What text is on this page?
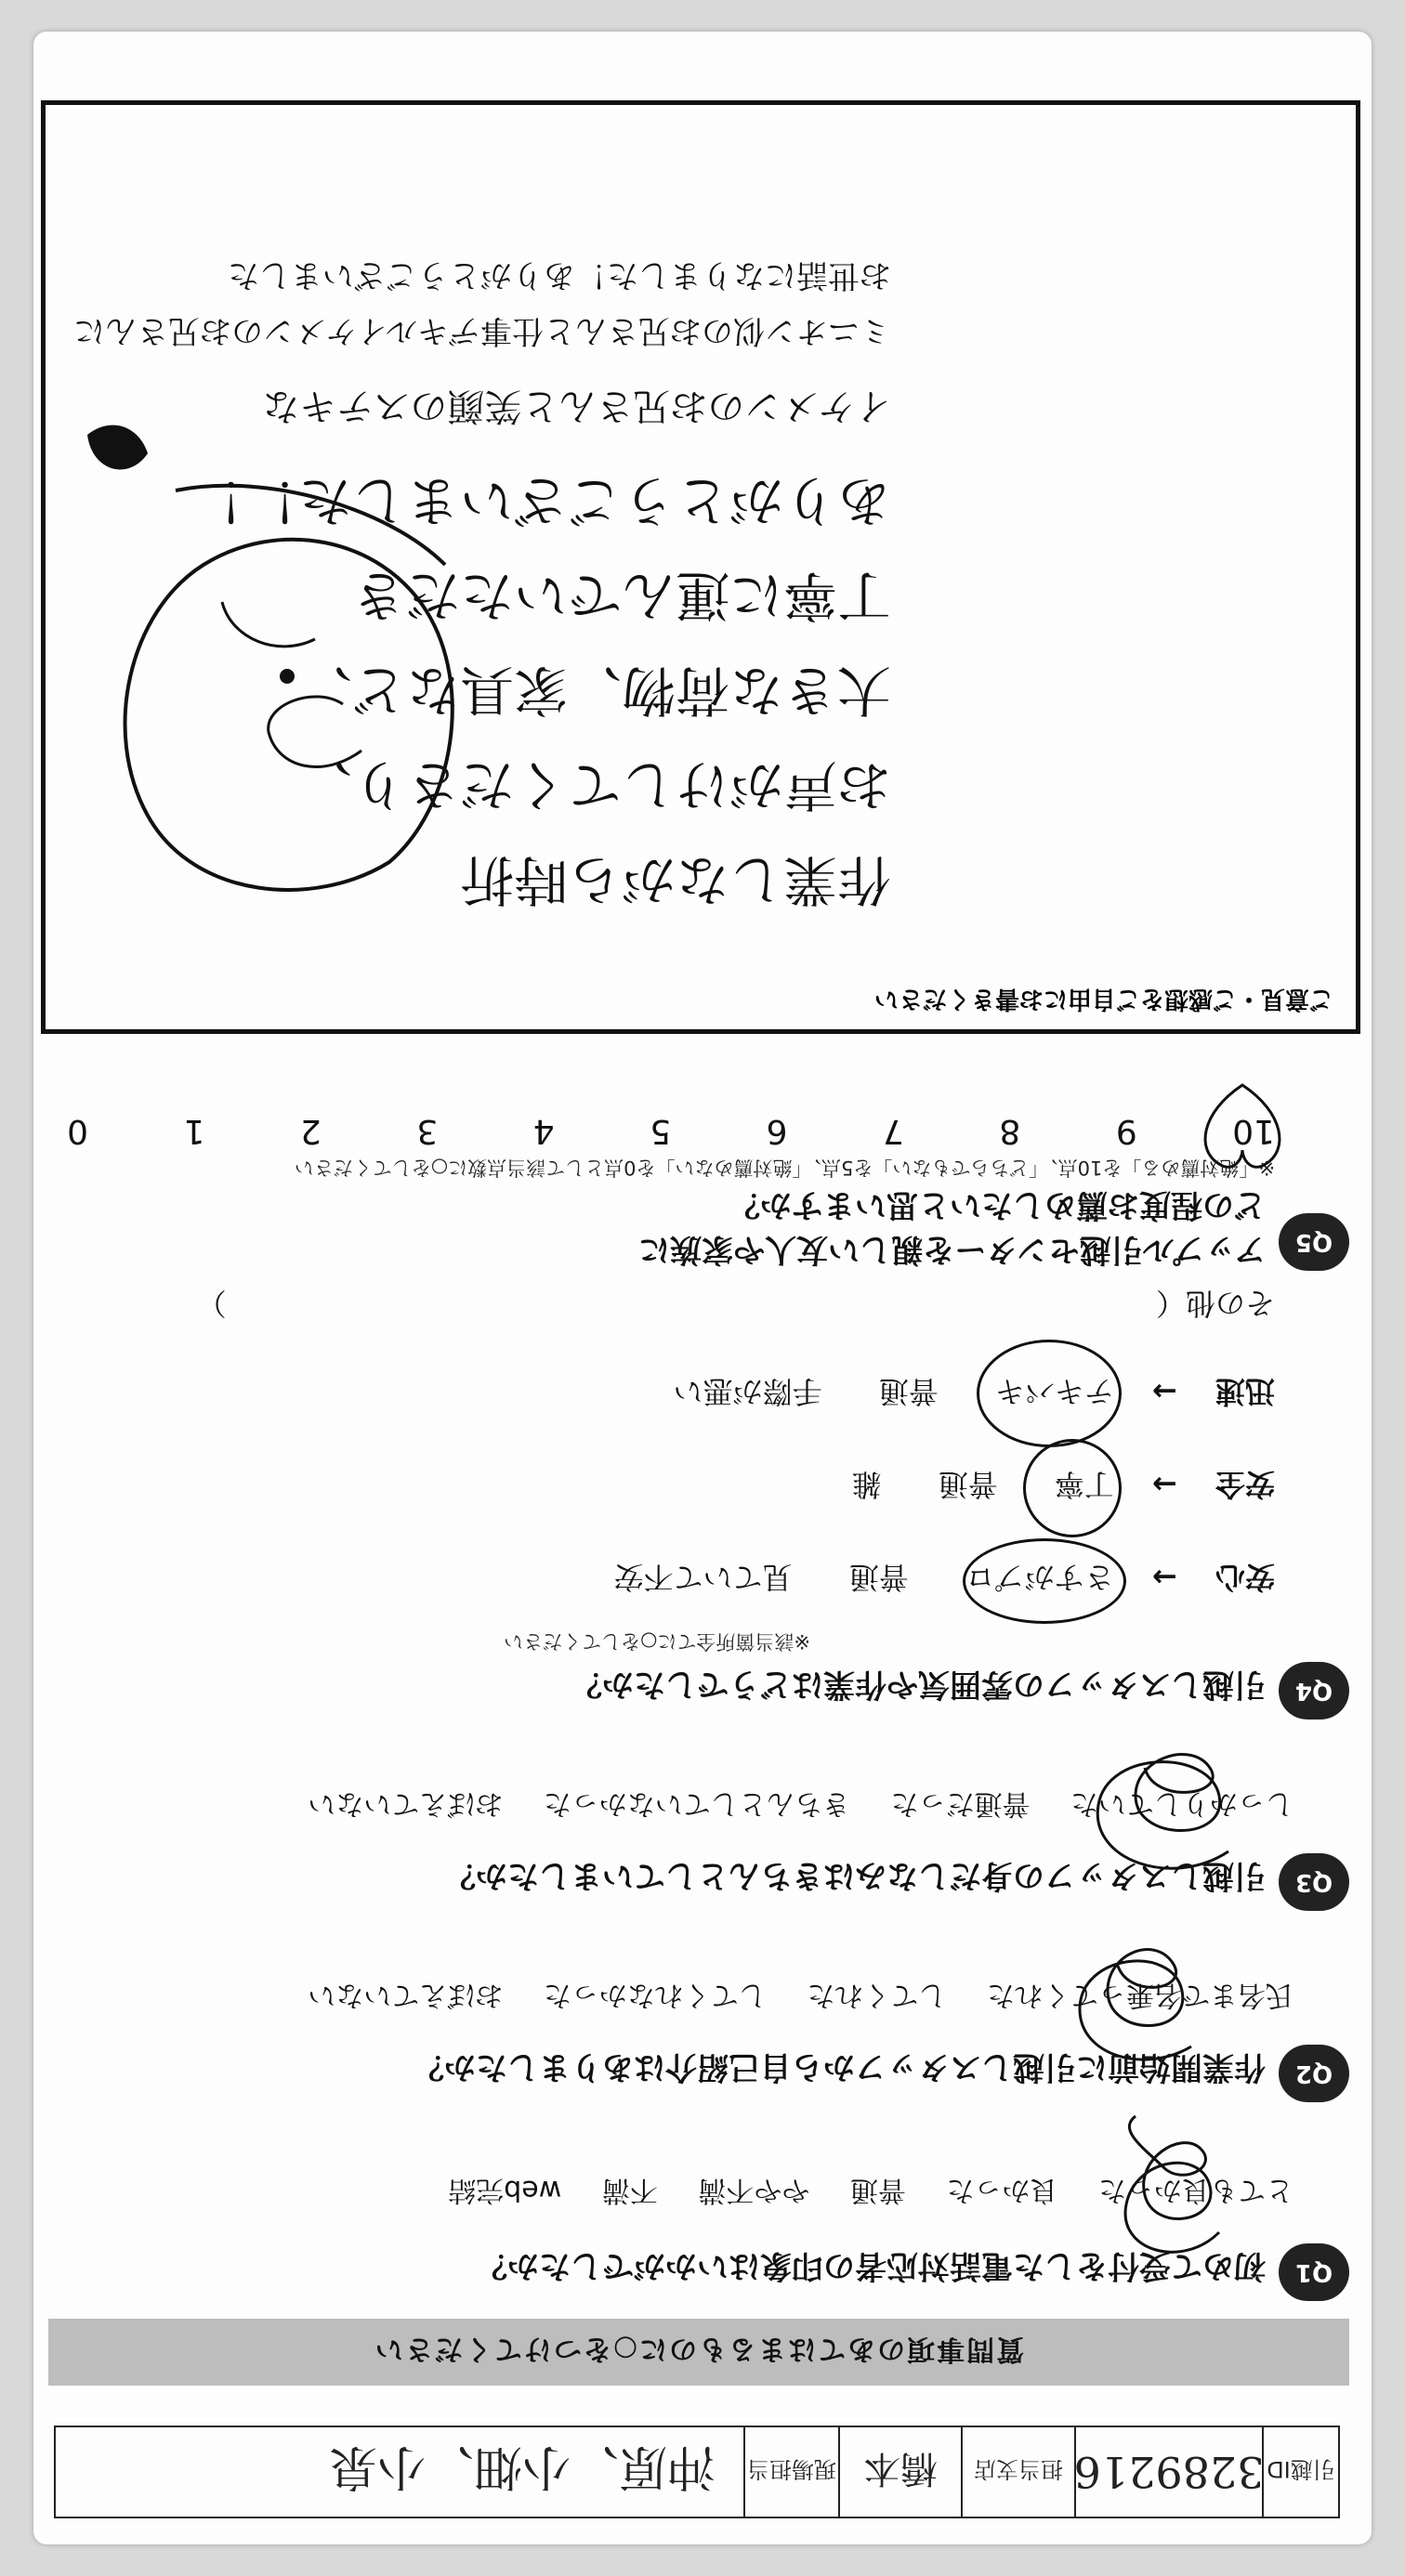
引越ID
3289216
担当支店
橋本
現場担当
沖原、小畑、小泉
質問事項のあてはまるものに○をつけてください
Q1
初めて受付をした電話対応者の印象はいかがでしたか？
とても良かった 良かった 普通 やや不満 不満 web完結
Q2
作業開始前に引越しスタッフから自己紹介はありましたか？
氏名まで名乗ってくれた してくれた してくれなかった おぼえていない
Q3
引越しスタッフの身だしなみはきちんとしていましたか？
しっかりしていた 普通だった きちんとしていなかった おぼえていない
Q4
引越しスタッフの雰囲気や作業はどうでしたか？
※該当箇所全てに○をしてください
安心 → さすがプロ 普通 見ていて不安
安全 → 丁寧 普通 雑
迅速 → テキパキ 普通 手際が悪い
その他（  ）
Q5
アップル引越センターを親しい友人や家族に
どの程度お薦めしたいと思いますか？
※「絶対薦める」を10点、「どちらでもない」を5点、「絶対薦めない」を0点として該当点数に○をしてください
10
9
8
7
6
5
4
3
2
1
0
ご意見・ご感想をご自由にお書きください
作業しながら時折
お声がけしてくださり、
大きな荷物、家具など、
丁寧に運んでいただき
ありがとうございました！！
イケメンのお兄さんと笑顔のステキな
ミニオン似のお兄さんと仕事デキルイケメンのお兄さんにお世話になりました！ありがとうございました
